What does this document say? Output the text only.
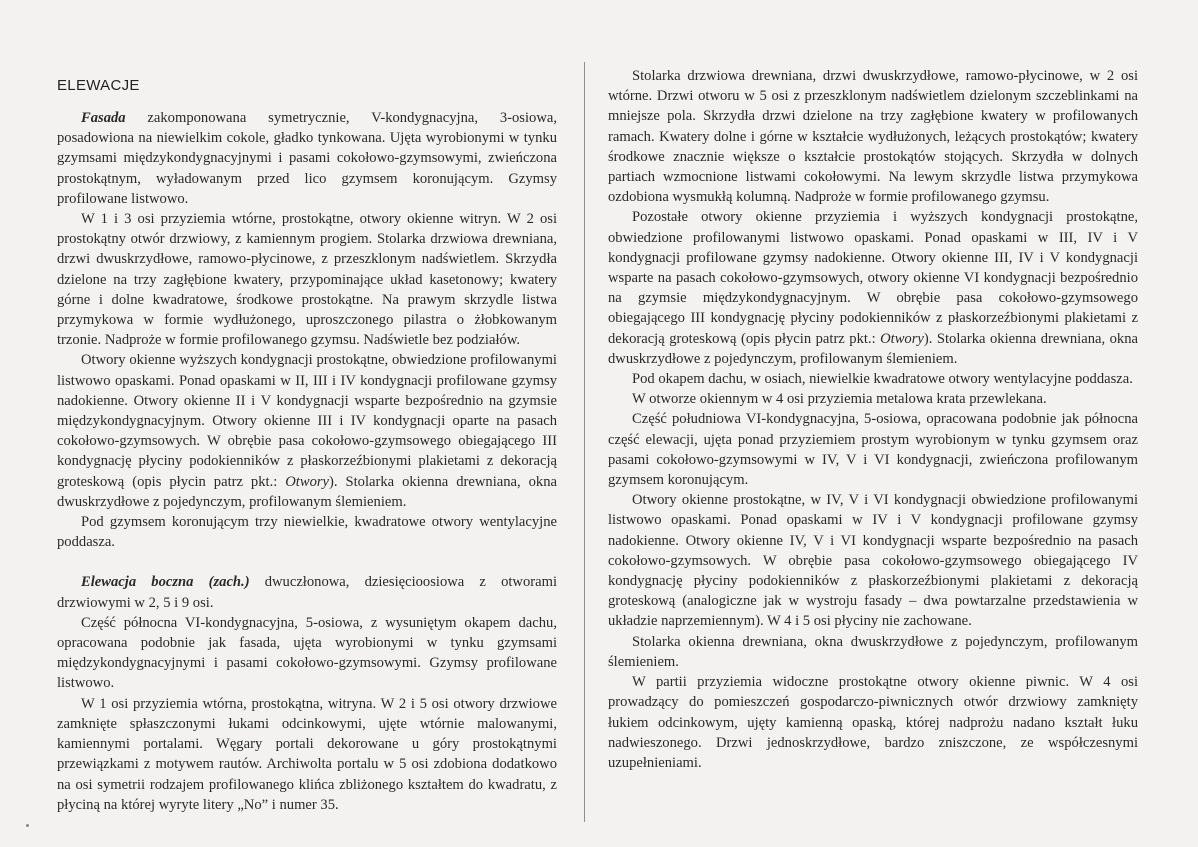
ELEWACJE

Fasada zakomponowana symetrycznie, V-kondygnacyjna, 3-osiowa, posadowiona na niewielkim cokole, gładko tynkowana. Ujęta wyrobionymi w tynku gzymsami międzykondygnacyjnymi i pasami cokołowo-gzymsowymi, zwieńczona prostokątnym, wyładowanym przed lico gzymsem koronującym. Gzymsy profilowane listwowo.

W 1 i 3 osi przyziemia wtórne, prostokątne, otwory okienne witryn. W 2 osi prostokątny otwór drzwiowy, z kamiennym progiem. Stolarka drzwiowa drewniana, drzwi dwuskrzydłowe, ramowo-płycinowe, z przeszklonym nadświetlem. Skrzydła dzielone na trzy zagłębione kwatery, przypominające układ kasetonowy; kwatery górne i dolne kwadratowe, środkowe prostokątne. Na prawym skrzydle listwa przymykowa w formie wydłużonego, uproszczonego pilastra o żłobkowanym trzonie. Nadproże w formie profilowanego gzymsu. Nadświetle bez podziałów.

Otwory okienne wyższych kondygnacji prostokątne, obwiedzione profilowanymi listwowo opaskami. Ponad opaskami w II, III i IV kondygnacji profilowane gzymsy nadokienne. Otwory okienne II i V kondygnacji wsparte bezpośrednio na gzymsie międzykondygnacyjnym. Otwory okienne III i IV kondygnacji oparte na pasach cokołowo-gzymsowych. W obrębie pasa cokołowo-gzymsowego obiegającego III kondygnację płyciny podokienników z płaskorzeźbionymi plakietami z dekoracją groteskową (opis płycin patrz pkt.: Otwory). Stolarka okienna drewniana, okna dwuskrzydłowe z pojedynczym, profilowanym ślemieniem.

Pod gzymsem koronującym trzy niewielkie, kwadratowe otwory wentylacyjne poddasza.

Elewacja boczna (zach.) dwuczłonowa, dziesięcioosiowa z otworami drzwiowymi w 2, 5 i 9 osi.

Część północna VI-kondygnacyjna, 5-osiowa, z wysuniętym okapem dachu, opracowana podobnie jak fasada, ujęta wyrobionymi w tynku gzymsami międzykondygnacyjnymi i pasami cokołowo-gzymsowymi. Gzymsy profilowane listwowo.

W 1 osi przyziemia wtórna, prostokątna, witryna. W 2 i 5 osi otwory drzwiowe zamknięte spłaszczonymi łukami odcinkowymi, ujęte wtórnie malowanymi, kamiennymi portalami. Węgary portali dekorowane u góry prostokątnymi przewiązkami z motywem rautów. Archiwolta portalu w 5 osi zdobiona dodatkowo na osi symetrii rodzajem profilowanego klińca zbliżonego kształtem do kwadratu, z płyciną na której wyryte litery „No” i numer 35.

Stolarka drzwiowa drewniana, drzwi dwuskrzydłowe, ramowo-płycinowe, w 2 osi wtórne. Drzwi otworu w 5 osi z przeszklonym nadświetlem dzielonym szczeblinkami na mniejsze pola. Skrzydła drzwi dzielone na trzy zagłębione kwatery w profilowanych ramach. Kwatery dolne i górne w kształcie wydłużonych, leżących prostokątów; kwatery środkowe znacznie większe o kształcie prostokątów stojących. Skrzydła w dolnych partiach wzmocnione listwami cokołowymi. Na lewym skrzydle listwa przymykowa ozdobiona wysmukłą kolumną. Nadproże w formie profilowanego gzymsu.

Pozostałe otwory okienne przyziemia i wyższych kondygnacji prostokątne, obwiedzione profilowanymi listwowo opaskami. Ponad opaskami w III, IV i V kondygnacji profilowane gzymsy nadokienne. Otwory okienne III, IV i V kondygnacji wsparte na pasach cokołowo-gzymsowych, otwory okienne VI kondygnacji bezpośrednio na gzymsie międzykondygnacyjnym. W obrębie pasa cokołowo-gzymsowego obiegającego III kondygnację płyciny podokienników z płaskorzeźbionymi plakietami z dekoracją groteskową (opis płycin patrz pkt.: Otwory). Stolarka okienna drewniana, okna dwuskrzydłowe z pojedynczym, profilowanym ślemieniem.

Pod okapem dachu, w osiach, niewielkie kwadratowe otwory wentylacyjne poddasza.

W otworze okiennym w 4 osi przyziemia metalowa krata przewlekana.

Część południowa VI-kondygnacyjna, 5-osiowa, opracowana podobnie jak północna część elewacji, ujęta ponad przyziemiem prostym wyrobionym w tynku gzymsem oraz pasami cokołowo-gzymsowymi w IV, V i VI kondygnacji, zwieńczona profilowanym gzymsem koronującym.

Otwory okienne prostokątne, w IV, V i VI kondygnacji obwiedzione profilowanymi listwowo opaskami. Ponad opaskami w IV i V kondygnacji profilowane gzymsy nadokienne. Otwory okienne IV, V i VI kondygnacji wsparte bezpośrednio na pasach cokołowo-gzymsowych. W obrębie pasa cokołowo-gzymsowego obiegającego IV kondygnację płyciny podokienników z płaskorzeźbionymi plakietami z dekoracją groteskową (analogiczne jak w wystroju fasady – dwa powtarzalne przedstawienia w układzie naprzemiennym). W 4 i 5 osi płyciny nie zachowane.

Stolarka okienna drewniana, okna dwuskrzydłowe z pojedynczym, profilowanym ślemieniem.

W partii przyziemia widoczne prostokątne otwory okienne piwnic. W 4 osi prowadzący do pomieszczeń gospodarczo-piwnicznych otwór drzwiowy zamknięty łukiem odcinkowym, ujęty kamienną opaską, której nadprożu nadano kształt łuku nadwieszonego. Drzwi jednoskrzydłowe, bardzo zniszczone, ze współczesnymi uzupełnieniami.
